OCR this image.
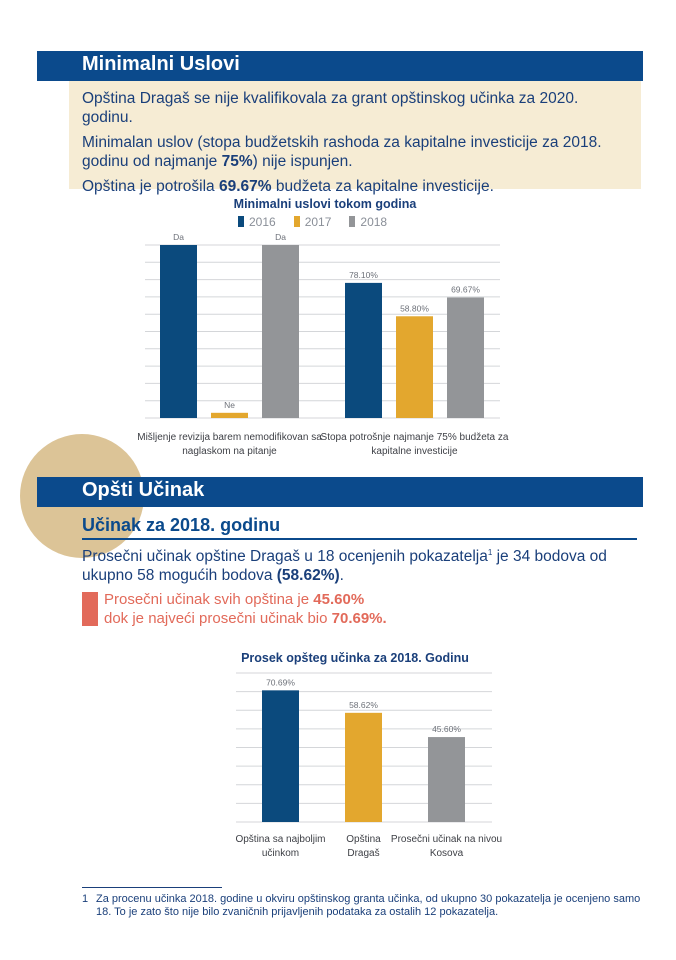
Minimalni Uslovi

Opština Dragaš se nije kvalifikovala za grant opštinskog učinka za 2020. godinu.

Minimalan uslov (stopa budžetskih rashoda za kapitalne investicije za 2018. godinu od najmanje 75%) nije ispunjen.

Opština je potrošila 69.67% budžeta za kapitalne investicije.

Minimalni uslovi tokom godina
2016	2017	2018
Da
Ne
Da
Mišljenje revizija barem nemodifikovan sa
naglaskom na pitanje
78.10%
58.80%
69.67%
Stopa potrošnje najmanje 75% budžeta za
kapitalne investicije
Opšti Učinak
Učinak za 2018. godinu
Prosečni učinak opštine Dragaš u 18 ocenjenih pokazatelja$^1$ je 34 bodova od ukupno 58 mogućih bodova (58.62%).
Prosečni učinak svih opština je 45.60%
dok je najveći prosečni učinak bio 70.69%.
Prosek opšteg učinka za 2018. Godinu
70.69%
Opština sa najboljim
učinkom
58.62%
Opština
Dragaš
45.60%
Prosečni učinak na nivou
Kosova
1 Za procenu učinka 2018. godine u okviru opštinskog granta učinka, od ukupno 30 pokazatelja je ocenjeno samo 18. To je zato što nije bilo zvaničnih prijavljenih podataka za ostalih 12 pokazatelja.
